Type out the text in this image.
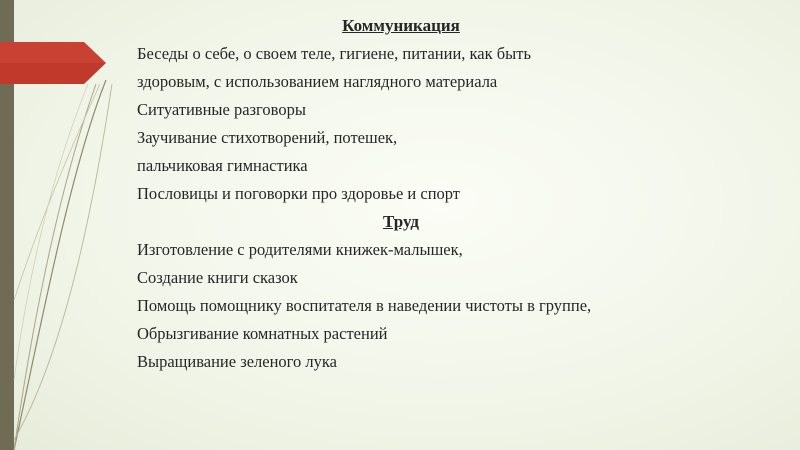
Коммуникация
Беседы о себе, о своем теле, гигиене, питании, как быть
здоровым, с использованием наглядного материала
Ситуативные разговоры
Заучивание стихотворений, потешек,
пальчиковая гимнастика
Пословицы и поговорки про здоровье и спорт
Труд
Изготовление с родителями книжек-малышек,
Создание книги сказок
Помощь помощнику воспитателя в наведении чистоты в группе,
Обрызгивание комнатных растений
Выращивание зеленого лука
